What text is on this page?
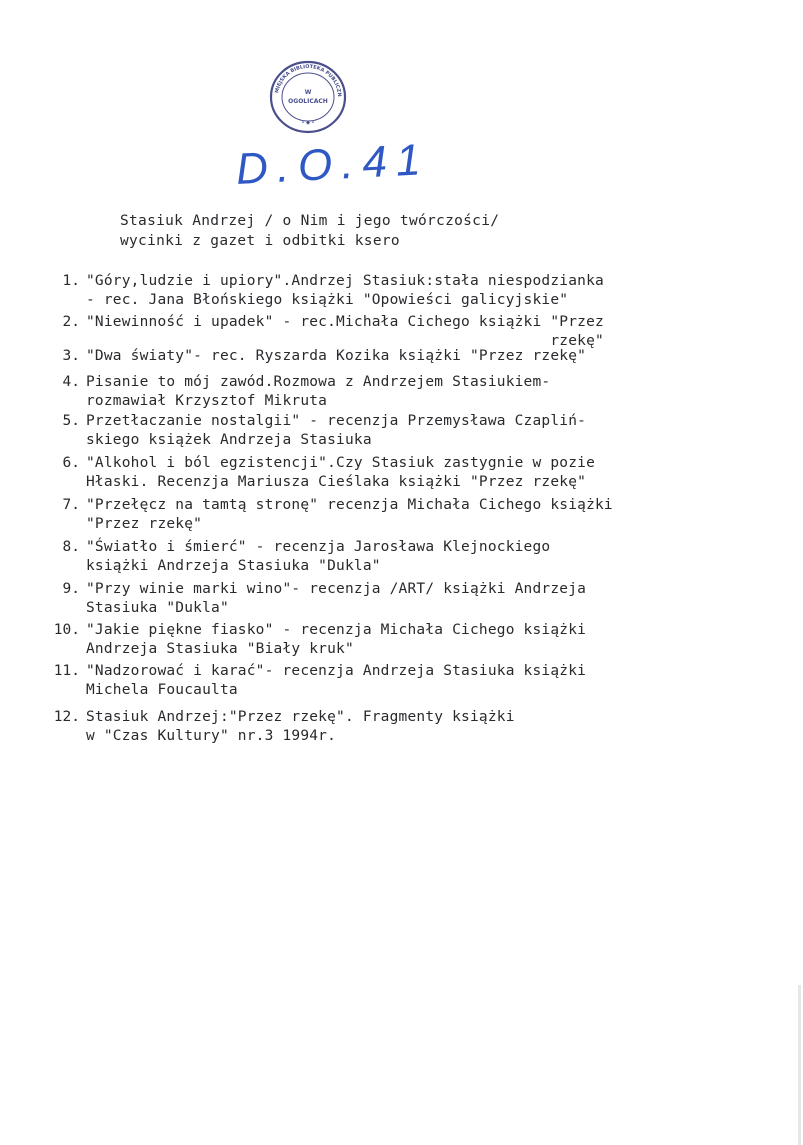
MIEJSKA BIBLIOTEKA PUBLICZN
W
OGOLICACH
• ◆ •
D.O.41
Stasiuk Andrzej / o Nim i jego twórczości/
wycinki z gazet i odbitki ksero
1. "Góry,ludzie i upiory".Andrzej Stasiuk:stała niespodzianka
- rec. Jana Błońskiego książki "Opowieści galicyjskie"
2. "Niewinność i upadek" - rec.Michała Cichego książki "Przez
rzekę"
3. "Dwa światy"- rec. Ryszarda Kozika książki "Przez rzekę"
4. Pisanie to mój zawód.Rozmowa z Andrzejem Stasiukiem-
rozmawiał Krzysztof Mikruta
5. Przetłaczanie nostalgii" - recenzja Przemysława Czapliń-
skiego książek Andrzeja Stasiuka
6. "Alkohol i ból egzistencji".Czy Stasiuk zastygnie w pozie
Hłaski. Recenzja Mariusza Cieślaka książki "Przez rzekę"
7. "Przełęcz na tamtą stronę" recenzja Michała Cichego książki
"Przez rzekę"
8. "Światło i śmierć" - recenzja Jarosława Klejnockiego
książki Andrzeja Stasiuka "Dukla"
9. "Przy winie marki wino"- recenzja /ART/ książki Andrzeja
Stasiuka "Dukla"
10. "Jakie piękne fiasko" - recenzja Michała Cichego książki
Andrzeja Stasiuka "Biały kruk"
11. "Nadzorować i karać"- recenzja Andrzeja Stasiuka książki
Michela Foucaulta
12. Stasiuk Andrzej:"Przez rzekę". Fragmenty książki
w "Czas Kultury" nr.3 1994r.
